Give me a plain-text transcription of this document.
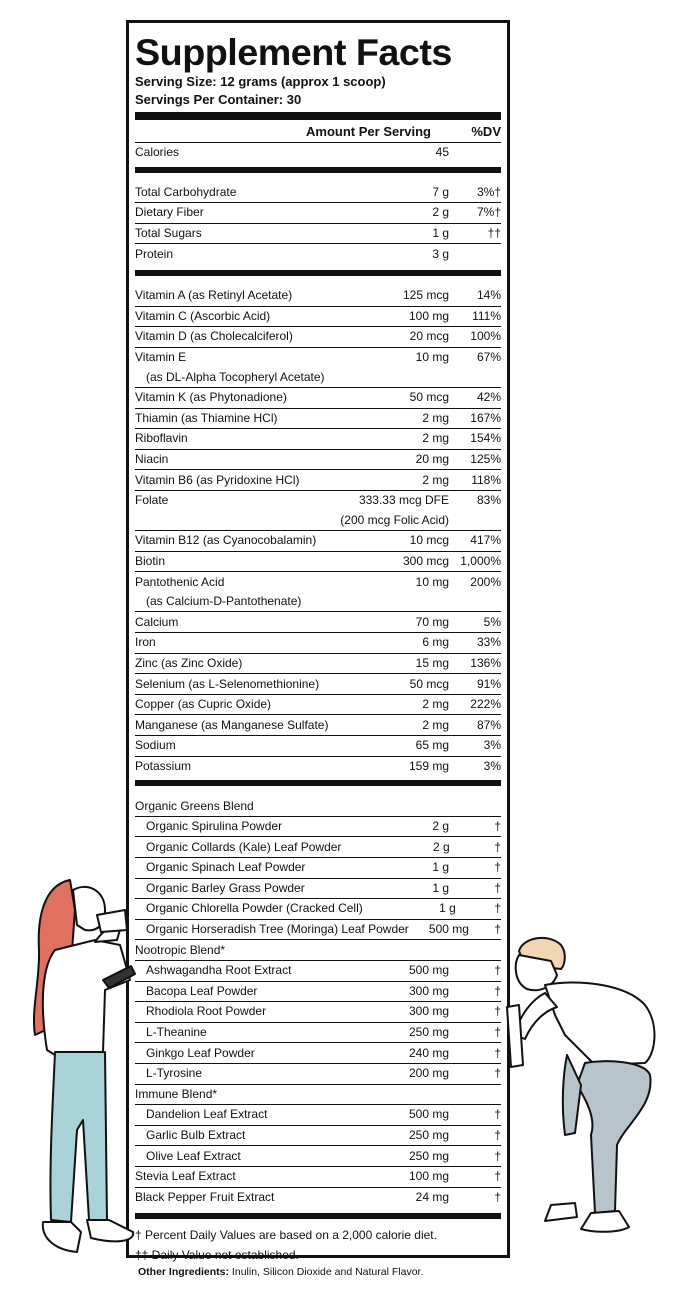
Supplement Facts
Serving Size: 12 grams (approx 1 scoop)
Servings Per Container: 30
Amount Per Serving	%DV
Calories	45
Total Carbohydrate	7 g	3%†
Dietary Fiber	2 g	7%†
Total Sugars	1 g	††
Protein	3 g
Vitamin A (as Retinyl Acetate)	125 mcg	14%
Vitamin C (Ascorbic Acid)	100 mg	111%
Vitamin D (as Cholecalciferol)	20 mcg	100%
Vitamin E	10 mg	67%
(as DL-Alpha Tocopheryl Acetate)
Vitamin K (as Phytonadione)	50 mcg	42%
Thiamin (as Thiamine HCl)	2 mg	167%
Riboflavin	2 mg	154%
Niacin	20 mg	125%
Vitamin B6 (as Pyridoxine HCl)	2 mg	118%
Folate	333.33 mcg DFE	83%
(200 mcg Folic Acid)
Vitamin B12 (as Cyanocobalamin)	10 mcg	417%
Biotin	300 mcg 1,000%
Pantothenic Acid	10 mg	200%
(as Calcium-D-Pantothenate)
Calcium	70 mg	5%
Iron	6 mg	33%
Zinc (as Zinc Oxide)	15 mg	136%
Selenium (as L-Selenomethionine)	50 mcg	91%
Copper (as Cupric Oxide)	2 mg	222%
Manganese (as Manganese Sulfate)	2 mg	87%
Sodium	65 mg	3%
Potassium	159 mg	3%
Organic Greens Blend
Organic Spirulina Powder	2 g	†
Organic Collards (Kale) Leaf Powder	2 g	†
Organic Spinach Leaf Powder	1 g	†
Organic Barley Grass Powder	1 g	†
Organic Chlorella Powder (Cracked Cell)	1 g	†
Organic Horseradish Tree (Moringa) Leaf Powder	500 mg	†
Nootropic Blend*
Ashwagandha Root Extract	500 mg	†
Bacopa Leaf Powder	300 mg	†
Rhodiola Root Powder	300 mg	†
L-Theanine	250 mg	†
Ginkgo Leaf Powder	240 mg	†
L-Tyrosine	200 mg	†
Immune Blend*
Dandelion Leaf Extract	500 mg	†
Garlic Bulb Extract	250 mg	†
Olive Leaf Extract	250 mg	†
Stevia Leaf Extract	100 mg	†
Black Pepper Fruit Extract	24 mg	†
† Percent Daily Values are based on a 2,000 calorie diet.
†† Daily Value not established.
Other Ingredients: Inulin, Silicon Dioxide and Natural Flavor.
